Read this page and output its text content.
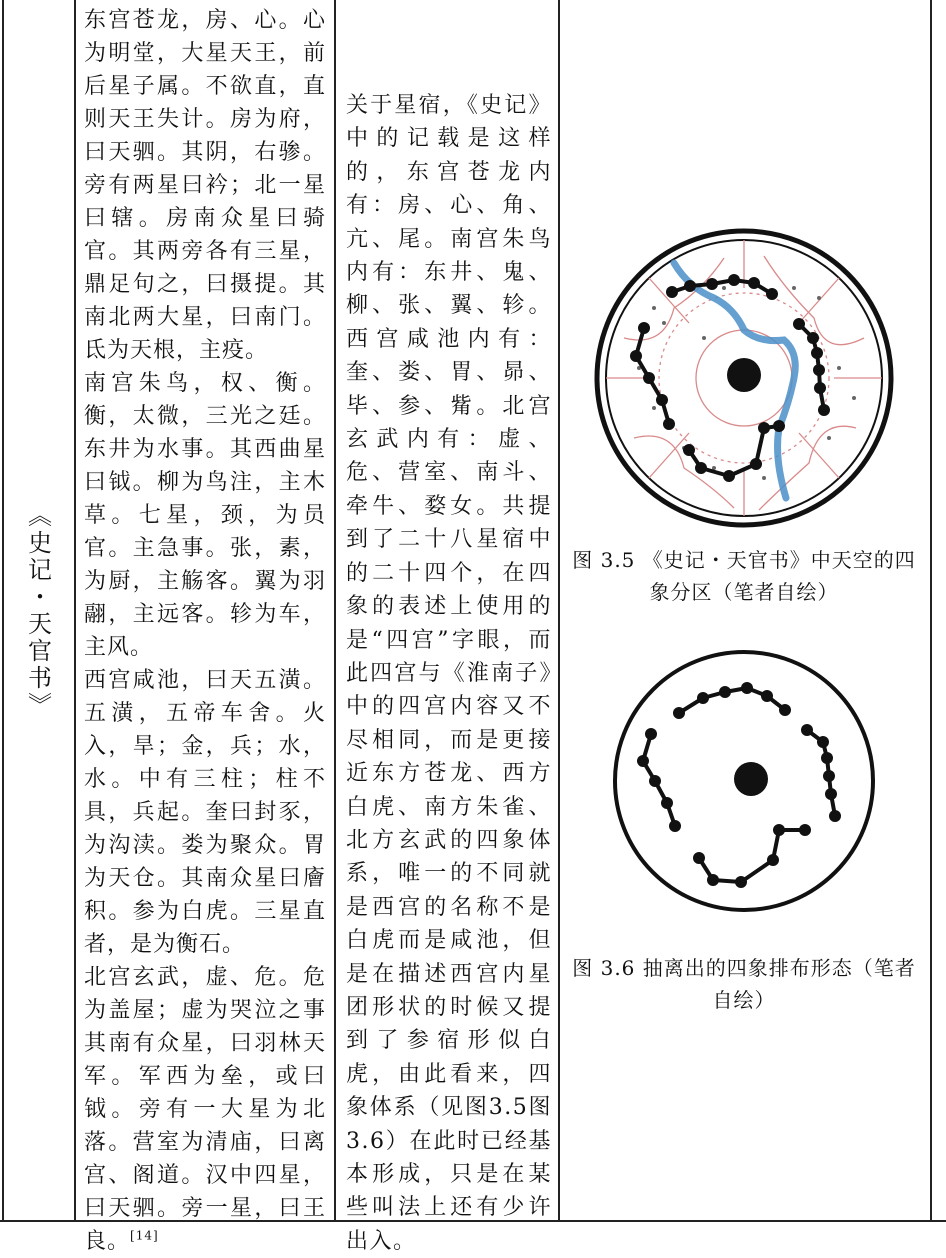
《史记・天官书》

东宫苍龙，房、心。心为明堂，大星天王，前后星子属。不欲直，直则天王失计。房为府，曰天驷。其阴，右骖。旁有两星曰衿；北一星曰辖。房南众星曰骑官。其两旁各有三星，鼎足句之，曰摄提。其南北两大星，曰南门。氐为天根，主疫。

南宫朱鸟，权、衡。衡，太微，三光之廷。东井为水事。其西曲星曰钺。柳为鸟注，主木草。七星，颈，为员官。主急事。张，素，为厨，主觞客。翼为羽翮，主远客。轸为车，主风。

西宫咸池，曰天五潢。五潢，五帝车舍。火入，旱；金，兵；水，水。中有三柱；柱不具，兵起。奎曰封豕，为沟渎。娄为聚众。胃为天仓。其南众星曰廥积。参为白虎。三星直者，是为衡石。

北宫玄武，虚、危。危为盖屋；虚为哭泣之事其南有众星，曰羽林天军。军西为垒，或曰钺。旁有一大星为北落。营室为清庙，曰离宫、阁道。汉中四星，曰天驷。旁一星，曰王良。[14]

关于星宿，《史记》中的记载是这样的，东宫苍龙内有：房、心、角、亢、尾。南宫朱鸟内有：东井、鬼、柳、张、翼、轸。西宫咸池内有：奎、娄、胃、昴、毕、参、觜。北宫玄武内有：虚、危、营室、南斗、牵牛、婺女。共提到了二十八星宿中的二十四个，在四象的表述上使用的是“四宫”字眼，而此四宫与《淮南子》中的四宫内容又不尽相同，而是更接近东方苍龙、西方白虎、南方朱雀、北方玄武的四象体系，唯一的不同就是西宫的名称不是白虎而是咸池，但是在描述西宫内星团形状的时候又提到了参宿形似白虎，由此看来，四象体系（见图3.5图3.6）在此时已经基本形成，只是在某些叫法上还有少许出入。

图 3.5 《史记・天官书》中天空的四象分区（笔者自绘）
图 3.6 抽离出的四象排布形态（笔者自绘）
